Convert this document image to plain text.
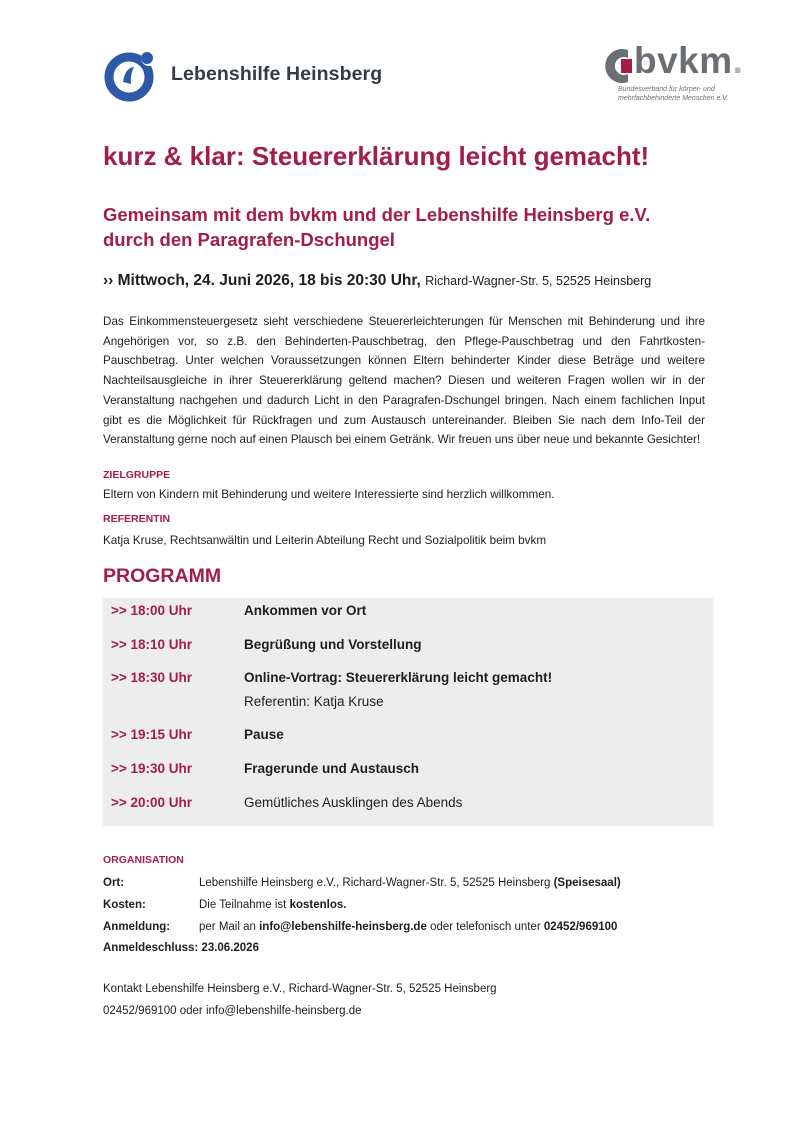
Lebenshilfe Heinsberg	bvkm.
Bundesverband für körper- und mehrfachbehinderte Menschen e.V.
kurz & klar: Steuererklärung leicht gemacht!
Gemeinsam mit dem bvkm und der Lebenshilfe Heinsberg e.V.
durch den Paragrafen-Dschungel
›› Mittwoch, 24. Juni 2026, 18 bis 20:30 Uhr, Richard-Wagner-Str. 5, 52525 Heinsberg

Das Einkommensteuergesetz sieht verschiedene Steuererleichterungen für Menschen mit Behinderung und ihre Angehörigen vor, so z.B. den Behinderten-Pauschbetrag, den Pflege-Pauschbetrag und den Fahrtkosten-Pauschbetrag. Unter welchen Voraussetzungen können Eltern behinderter Kinder diese Beträge und weitere Nachteilsausgleiche in ihrer Steuererklärung geltend machen? Diesen und weiteren Fragen wollen wir in der Veranstaltung nachgehen und dadurch Licht in den Paragrafen-Dschungel bringen. Nach einem fachlichen Input gibt es die Möglichkeit für Rückfragen und zum Austausch untereinander. Bleiben Sie nach dem Info-Teil der Veranstaltung gerne noch auf einen Plausch bei einem Getränk. Wir freuen uns über neue und bekannte Gesichter!

ZIELGRUPPE
Eltern von Kindern mit Behinderung und weitere Interessierte sind herzlich willkommen.
REFERENTIN
Katja Kruse, Rechtsanwältin und Leiterin Abteilung Recht und Sozialpolitik beim bvkm
PROGRAMM
>> 18:00 Uhr	Ankommen vor Ort
>> 18:10 Uhr	Begrüßung und Vorstellung
>> 18:30 Uhr	Online-Vortrag: Steuererklärung leicht gemacht!
Referentin: Katja Kruse
>> 19:15 Uhr	Pause
>> 19:30 Uhr	Fragerunde und Austausch
>> 20:00 Uhr	Gemütliches Ausklingen des Abends
ORGANISATION
Ort:	Lebenshilfe Heinsberg e.V., Richard-Wagner-Str. 5, 52525 Heinsberg (Speisesaal)
Kosten:	Die Teilnahme ist kostenlos.
Anmeldung:	per Mail an info@lebenshilfe-heinsberg.de oder telefonisch unter 02452/969100
Anmeldeschluss: 23.06.2026
Kontakt Lebenshilfe Heinsberg e.V., Richard-Wagner-Str. 5, 52525 Heinsberg
02452/969100 oder info@lebenshilfe-heinsberg.de
